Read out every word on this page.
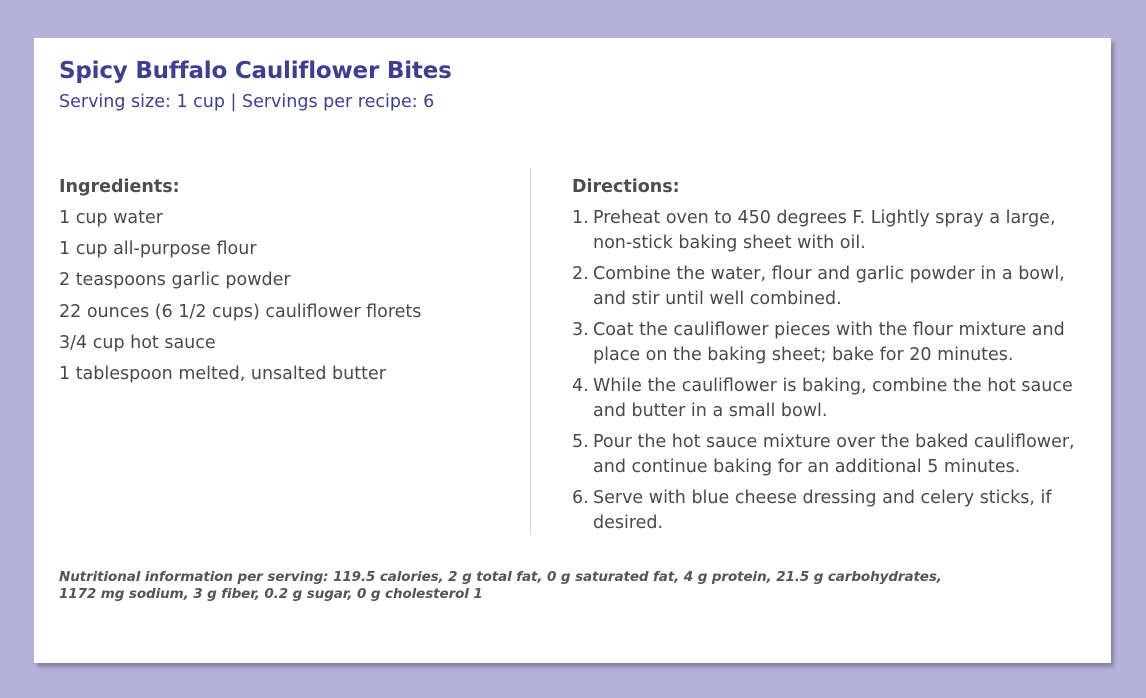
Spicy Buffalo Cauliflower Bites

Serving size: 1 cup | Servings per recipe: 6

Ingredients:
1 cup water
1 cup all-purpose flour
2 teaspoons garlic powder
22 ounces (6 1/2 cups) cauliflower florets
3/4 cup hot sauce
1 tablespoon melted, unsalted butter
Directions:
1. Preheat oven to 450 degrees F. Lightly spray a large, non-stick baking sheet with oil.
2. Combine the water, flour and garlic powder in a bowl, and stir until well combined.
3. Coat the cauliflower pieces with the flour mixture and place on the baking sheet; bake for 20 minutes.
4. While the cauliflower is baking, combine the hot sauce and butter in a small bowl.
5. Pour the hot sauce mixture over the baked cauliflower, and continue baking for an additional 5 minutes.
6. Serve with blue cheese dressing and celery sticks, if desired.

Nutritional information per serving: 119.5 calories, 2 g total fat, 0 g saturated fat, 4 g protein, 21.5 g carbohydrates,
1172 mg sodium, 3 g fiber, 0.2 g sugar, 0 g cholesterol 1
